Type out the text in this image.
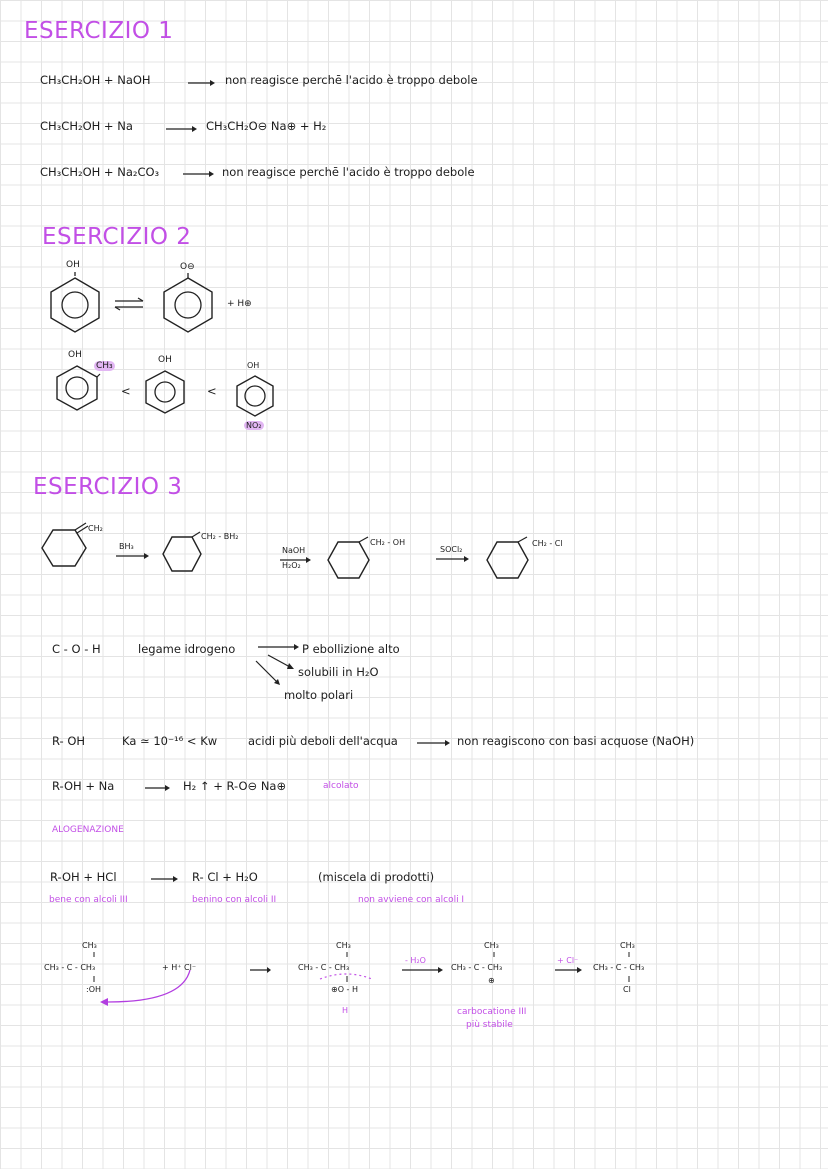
ESERCIZIO 1
CH₃CH₂OH + NaOH	non reagisce perchē l'acido è troppo debole
CH₃CH₂OH + Na	CH₃CH₂O⊖ Na⊕ + H₂
CH₃CH₂OH + Na₂CO₃	non reagisce perchē l'acido è troppo debole
ESERCIZIO 2
OH	O⊖
+ H⊕
OH
CH₃
<
OH
<
OH
NO₂
ESERCIZIO 3
CH₂
BH₃
CH₂ - BH₂
NaOH
H₂O₂
CH₂ - OH
SOCl₂
CH₂ - Cl
C - O - H	legame idrogeno	P ebollizione alto
solubili in H₂O
molto polari
R- OH	Ka ≃ 10⁻¹⁶ < Kw	acidi più deboli dell'acqua	non reagiscono con basi acquose (NaOH)
R-OH + Na	H₂ ↑ + R-O⊖ Na⊕	alcolato
ALOGENAZIONE
R-OH + HCl	R- Cl + H₂O	(miscela di prodotti)
bene con alcoli III	benino con alcoli II	non avviene con alcoli I
CH₃
CH₃ - C - CH₃
:OH
+ H⁺ Cl⁻
CH₃
CH₃ - C - CH₃
⊕O - H
H
- H₂O
CH₃
CH₃ - C - CH₃
⊕
+ Cl⁻
CH₃
CH₃ - C - CH₃
Cl
carbocatione III
più stabile
